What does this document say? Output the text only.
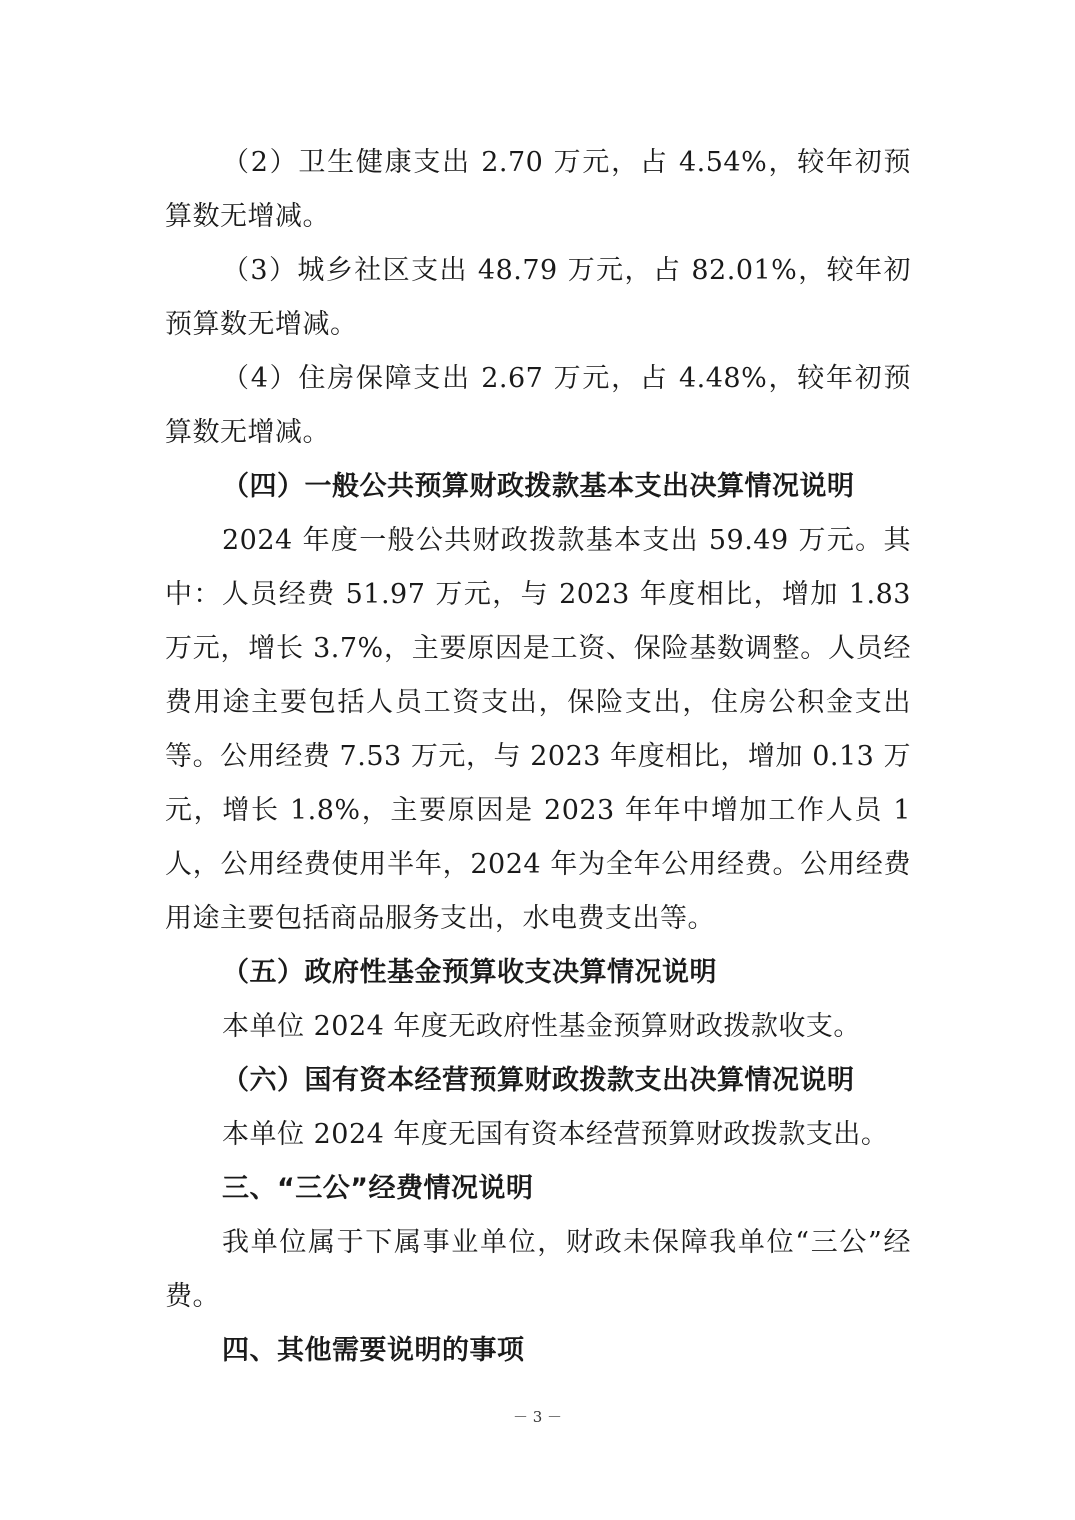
（2）卫生健康支出 2.70 万元，占 4.54%，较年初预算数无增减。

（3）城乡社区支出 48.79 万元，占 82.01%，较年初预算数无增减。

（4）住房保障支出 2.67 万元，占 4.48%，较年初预算数无增减。

（四）一般公共预算财政拨款基本支出决算情况说明

2024 年度一般公共财政拨款基本支出 59.49 万元。其中：人员经费 51.97 万元，与 2023 年度相比，增加 1.83 万元，增长 3.7%，主要原因是工资、保险基数调整。人员经费用途主要包括人员工资支出，保险支出，住房公积金支出等。公用经费 7.53 万元，与 2023 年度相比，增加 0.13 万元，增长 1.8%，主要原因是 2023 年年中增加工作人员 1 人，公用经费使用半年，2024 年为全年公用经费。公用经费用途主要包括商品服务支出，水电费支出等。

（五）政府性基金预算收支决算情况说明

本单位 2024 年度无政府性基金预算财政拨款收支。

（六）国有资本经营预算财政拨款支出决算情况说明

本单位 2024 年度无国有资本经营预算财政拨款支出。

三、“三公”经费情况说明

我单位属于下属事业单位，财政未保障我单位“三公”经费。

四、其他需要说明的事项

－ 3 －
